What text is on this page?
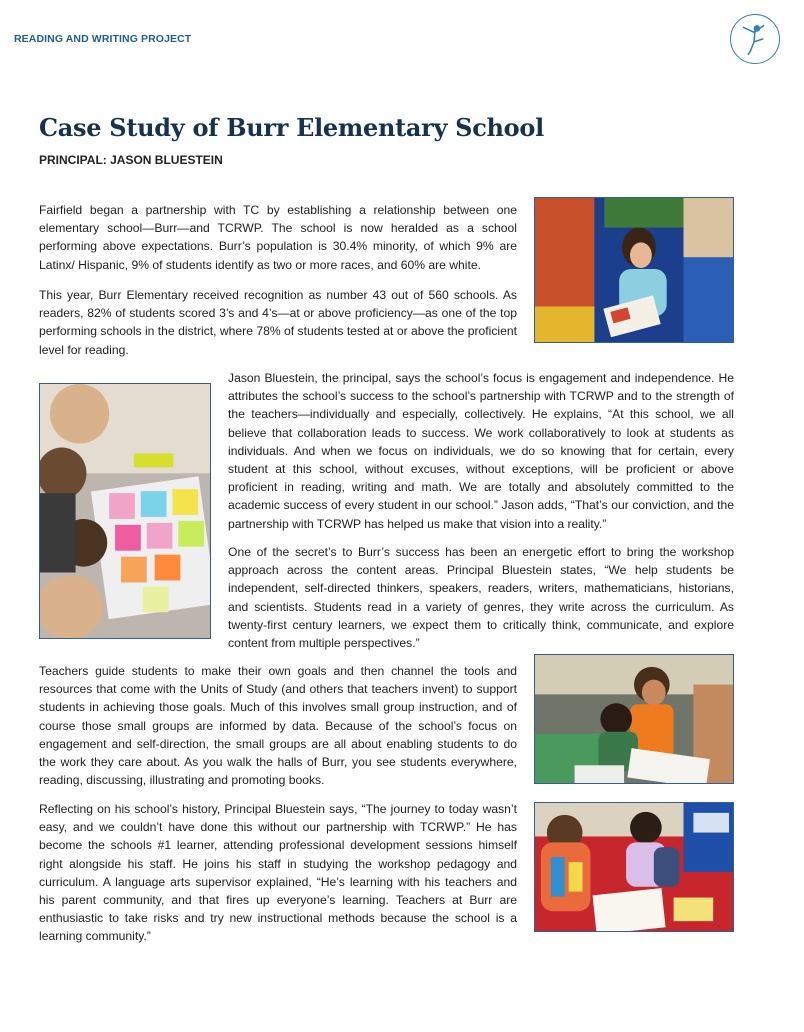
READING AND WRITING PROJECT
Case Study of Burr Elementary School
PRINCIPAL: JASON BLUESTEIN

Fairfield began a partnership with TC by establishing a relationship between one elementary school—Burr—and TCRWP. The school is now heralded as a school performing above expectations. Burr’s population is 30.4% minority, of which 9% are Latinx/ Hispanic, 9% of students identify as two or more races, and 60% are white.

This year, Burr Elementary received recognition as number 43 out of 560 schools. As readers, 82% of students scored 3’s and 4’s—at or above proficiency—as one of the top performing schools in the district, where 78% of students tested at or above the proficient level for reading.

Jason Bluestein, the principal, says the school’s focus is engagement and independence. He attributes the school’s success to the school’s partnership with TCRWP and to the strength of the teachers—individually and especially, collectively. He explains, “At this school, we all believe that collaboration leads to success. We work collaboratively to look at students as individuals. And when we focus on individuals, we do so knowing that for certain, every student at this school, without excuses, without exceptions, will be proficient or above proficient in reading, writing and math. We are totally and absolutely committed to the academic success of every student in our school.” Jason adds, “That’s our conviction, and the partnership with TCRWP has helped us make that vision into a reality.”

One of the secret’s to Burr’s success has been an energetic effort to bring the workshop approach across the content areas. Principal Bluestein states, “We help students be independent, self-directed thinkers, speakers, readers, writers, mathematicians, historians, and scientists. Students read in a variety of genres, they write across the curriculum. As twenty-first century learners, we expect them to critically think, communicate, and explore content from multiple perspectives.”

Teachers guide students to make their own goals and then channel the tools and resources that come with the Units of Study (and others that teachers invent) to support students in achieving those goals. Much of this involves small group instruction, and of course those small groups are informed by data. Because of the school’s focus on engagement and self-direction, the small groups are all about enabling students to do the work they care about. As you walk the halls of Burr, you see students everywhere, reading, discussing, illustrating and promoting books.

Reflecting on his school’s history, Principal Bluestein says, “The journey to today wasn’t easy, and we couldn’t have done this without our partnership with TCRWP.” He has become the schools #1 learner, attending professional development sessions himself right alongside his staff. He joins his staff in studying the workshop pedagogy and curriculum. A language arts supervisor explained, “He’s learning with his teachers and his parent community, and that fires up everyone’s learning. Teachers at Burr are enthusiastic to take risks and try new instructional methods because the school is a learning community.”
